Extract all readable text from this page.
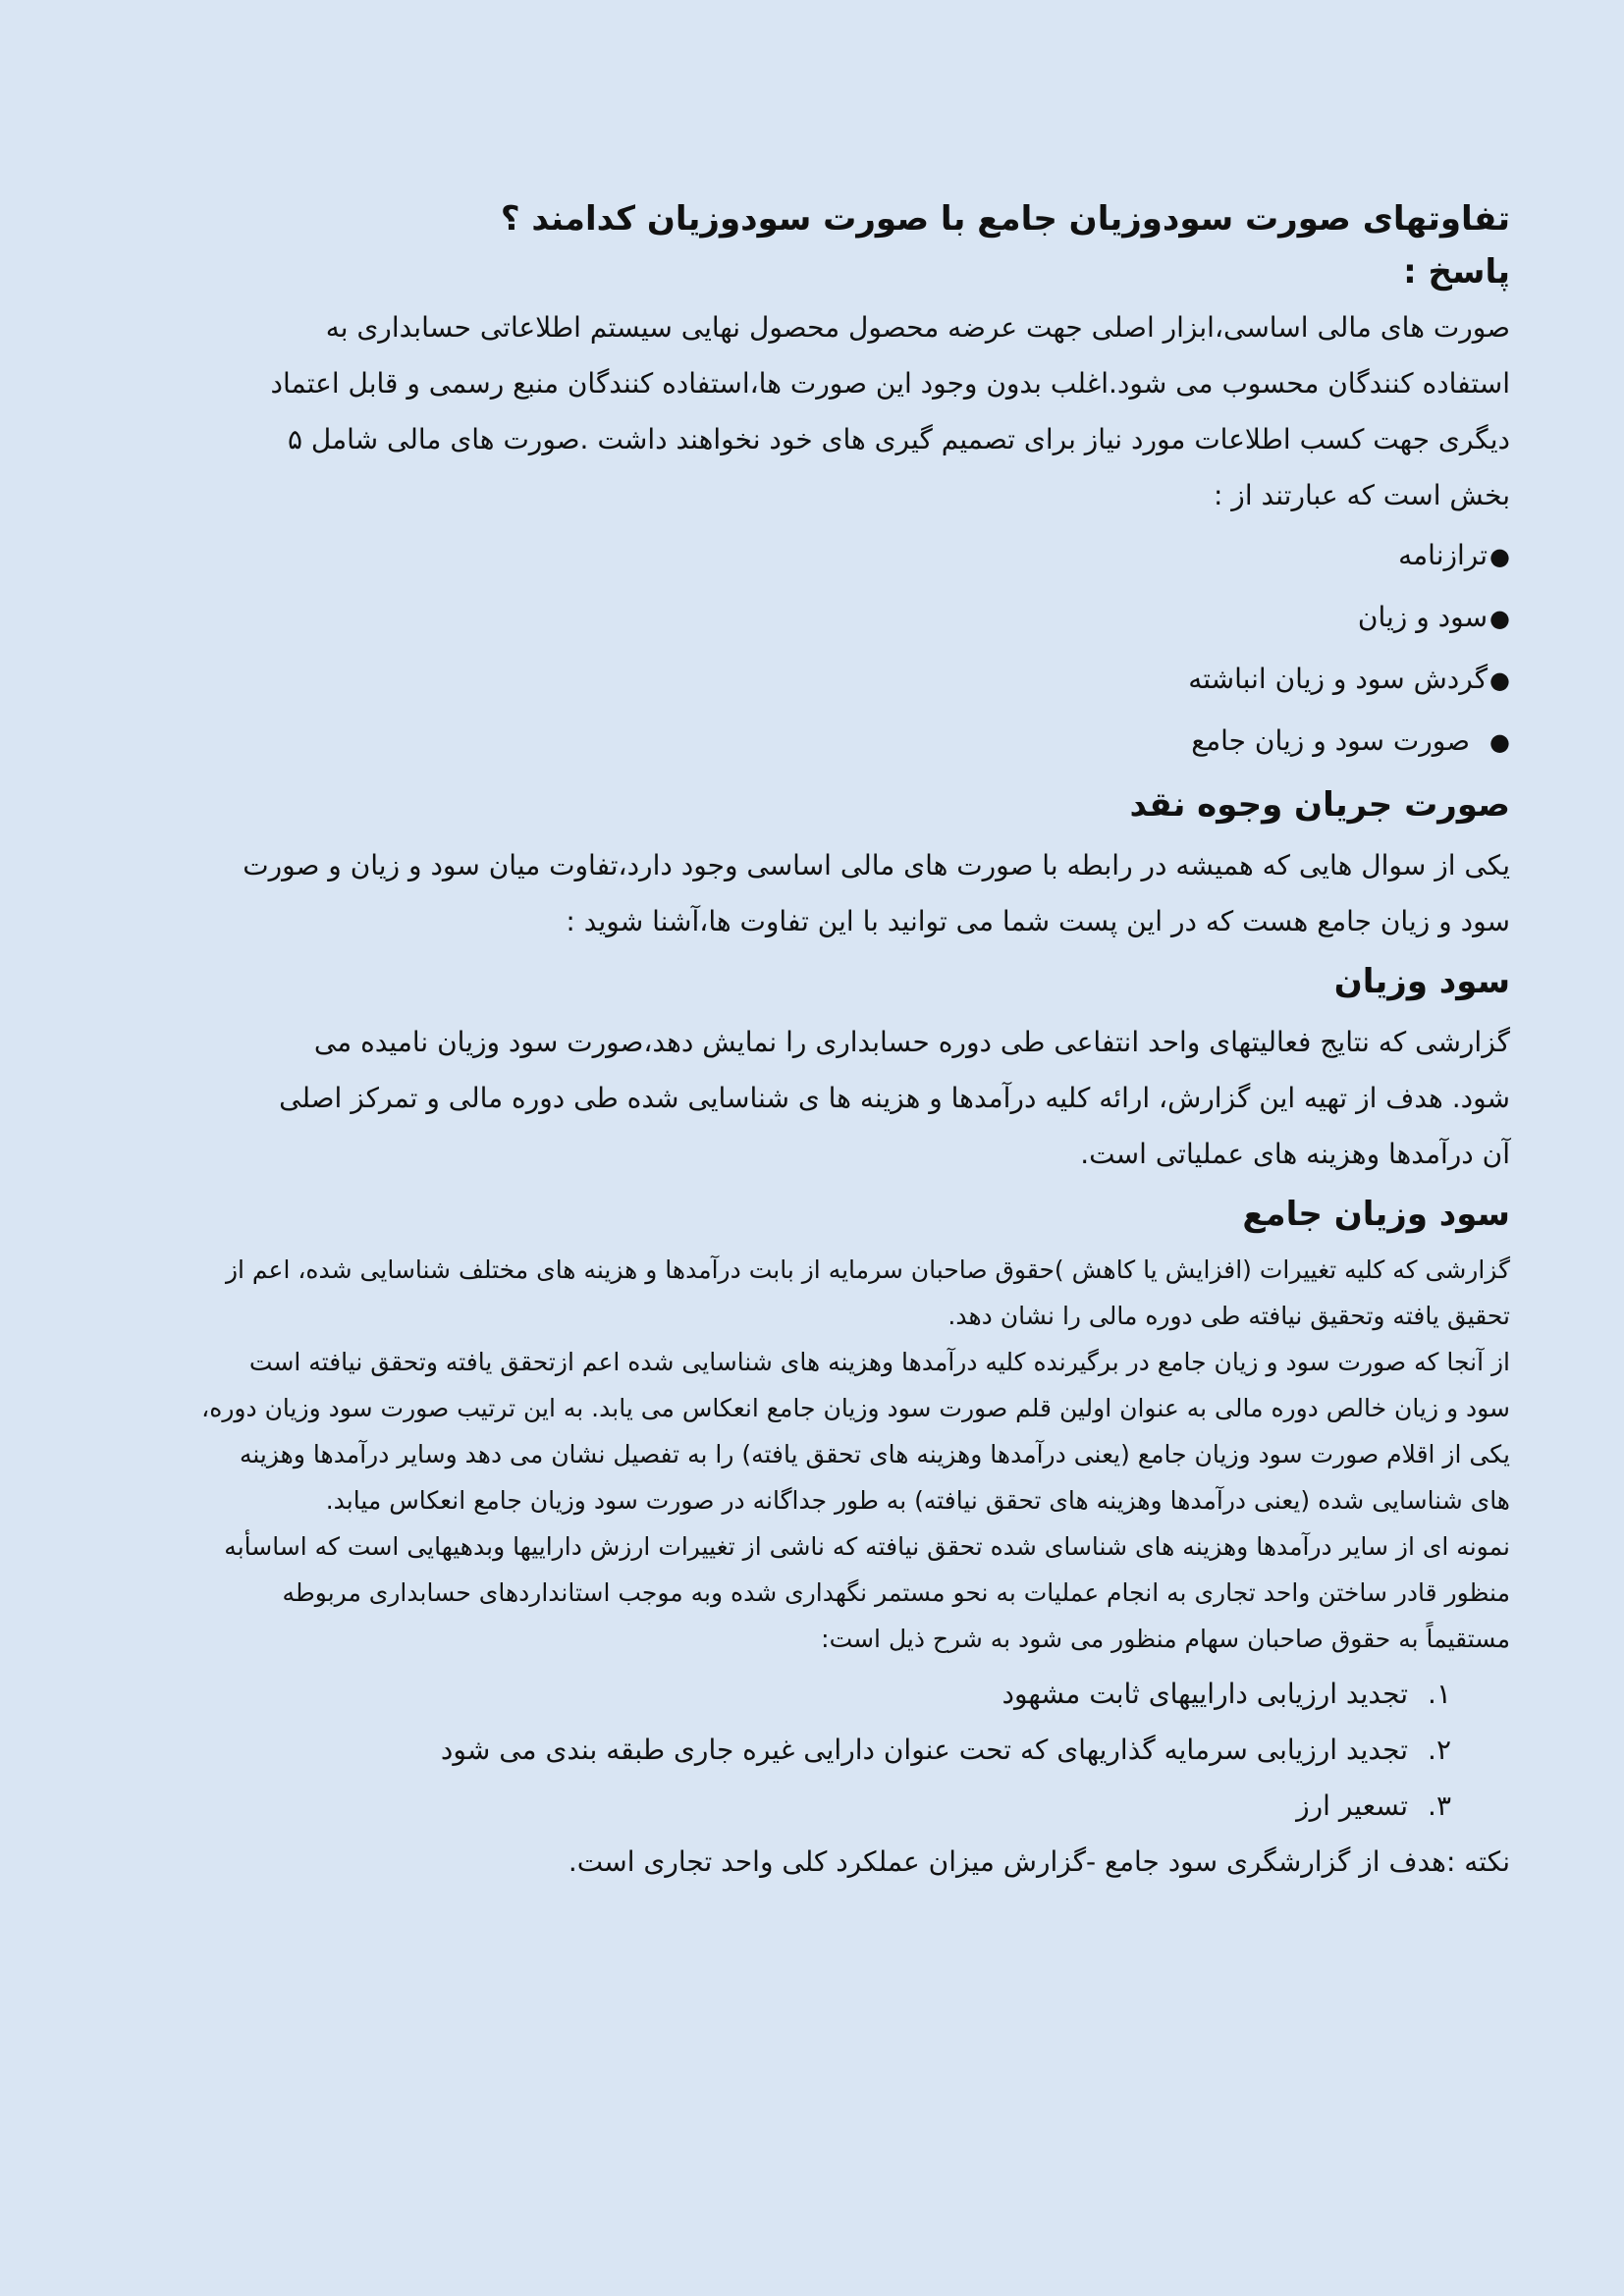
تفاوتهای صورت سودوزیان جامع با صورت سودوزیان کدامند ؟

پاسخ :

صورت های مالی اساسی،ابزار اصلی جهت عرضه محصول محصول نهایی سیستم اطلاعاتی حسابداری به

استفاده کنندگان محسوب می شود.اغلب بدون وجود این صورت ها،استفاده کنندگان منبع رسمی و قابل اعتماد

دیگری جهت کسب اطلاعات مورد نیاز برای تصمیم گیری های خود نخواهند داشت .صورت های مالی شامل ۵

بخش است که عبارتند از :

●ترازنامه
●سود و زیان
●گردش سود و زیان انباشته
●صورت سود و زیان جامع

صورت جریان وجوه نقد

یکی از سوال هایی که همیشه در رابطه با صورت های مالی اساسی وجود دارد،تفاوت میان سود و زیان و صورت

سود و زیان جامع هست که در این پست شما می توانید با این تفاوت ها،آشنا شوید :

سود وزیان

گزارشی که نتایج فعالیتهای واحد انتفاعی طی دوره حسابداری را نمایش دهد،صورت سود وزیان نامیده می

شود. هدف از تهیه این گزارش، ارائه کلیه درآمدها و هزینه ها ی شناسایی شده طی دوره مالی و تمرکز اصلی

آن درآمدها وهزینه های عملیاتی است.

سود وزیان جامع

گزارشی که کلیه تغییرات (افزایش یا کاهش )حقوق صاحبان سرمایه از بابت درآمدها و هزینه های مختلف شناسایی شده، اعم از

تحقیق یافته وتحقیق نیافته طی دوره مالی را نشان دهد.

از آنجا که صورت سود و زیان جامع در برگیرنده کلیه درآمدها وهزینه های شناسایی شده اعم ازتحقق یافته وتحقق نیافته است

سود و زیان خالص دوره مالی به عنوان اولین قلم صورت سود وزیان جامع انعکاس می یابد. به این ترتیب صورت سود وزیان دوره،

یکی از اقلام صورت سود وزیان جامع (یعنی درآمدها وهزینه های تحقق یافته) را به تفصیل نشان می دهد وسایر درآمدها وهزینه

های شناسایی شده (یعنی درآمدها وهزینه های تحقق نیافته) به طور جداگانه در صورت سود وزیان جامع انعکاس میابد.

نمونه ای از سایر درآمدها وهزینه های شناسای شده تحقق نیافته که ناشی از تغییرات ارزش داراییها وبدهیهایی است که اساسأبه

منظور قادر ساختن واحد تجاری به انجام عملیات به نحو مستمر نگهداری شده وبه موجب استانداردهای حسابداری مربوطه

مستقیماً به حقوق صاحبان سهام منظور می شود به شرح ذیل است:

۱.تجدید ارزیابی داراییهای ثابت مشهود
۲.تجدید ارزیابی سرمایه گذاریهای که تحت عنوان دارایی غیره جاری طبقه بندی می شود
۳.تسعیر ارز

نکته :هدف از گزارشگری سود جامع -گزارش میزان عملکرد کلی واحد تجاری است.
